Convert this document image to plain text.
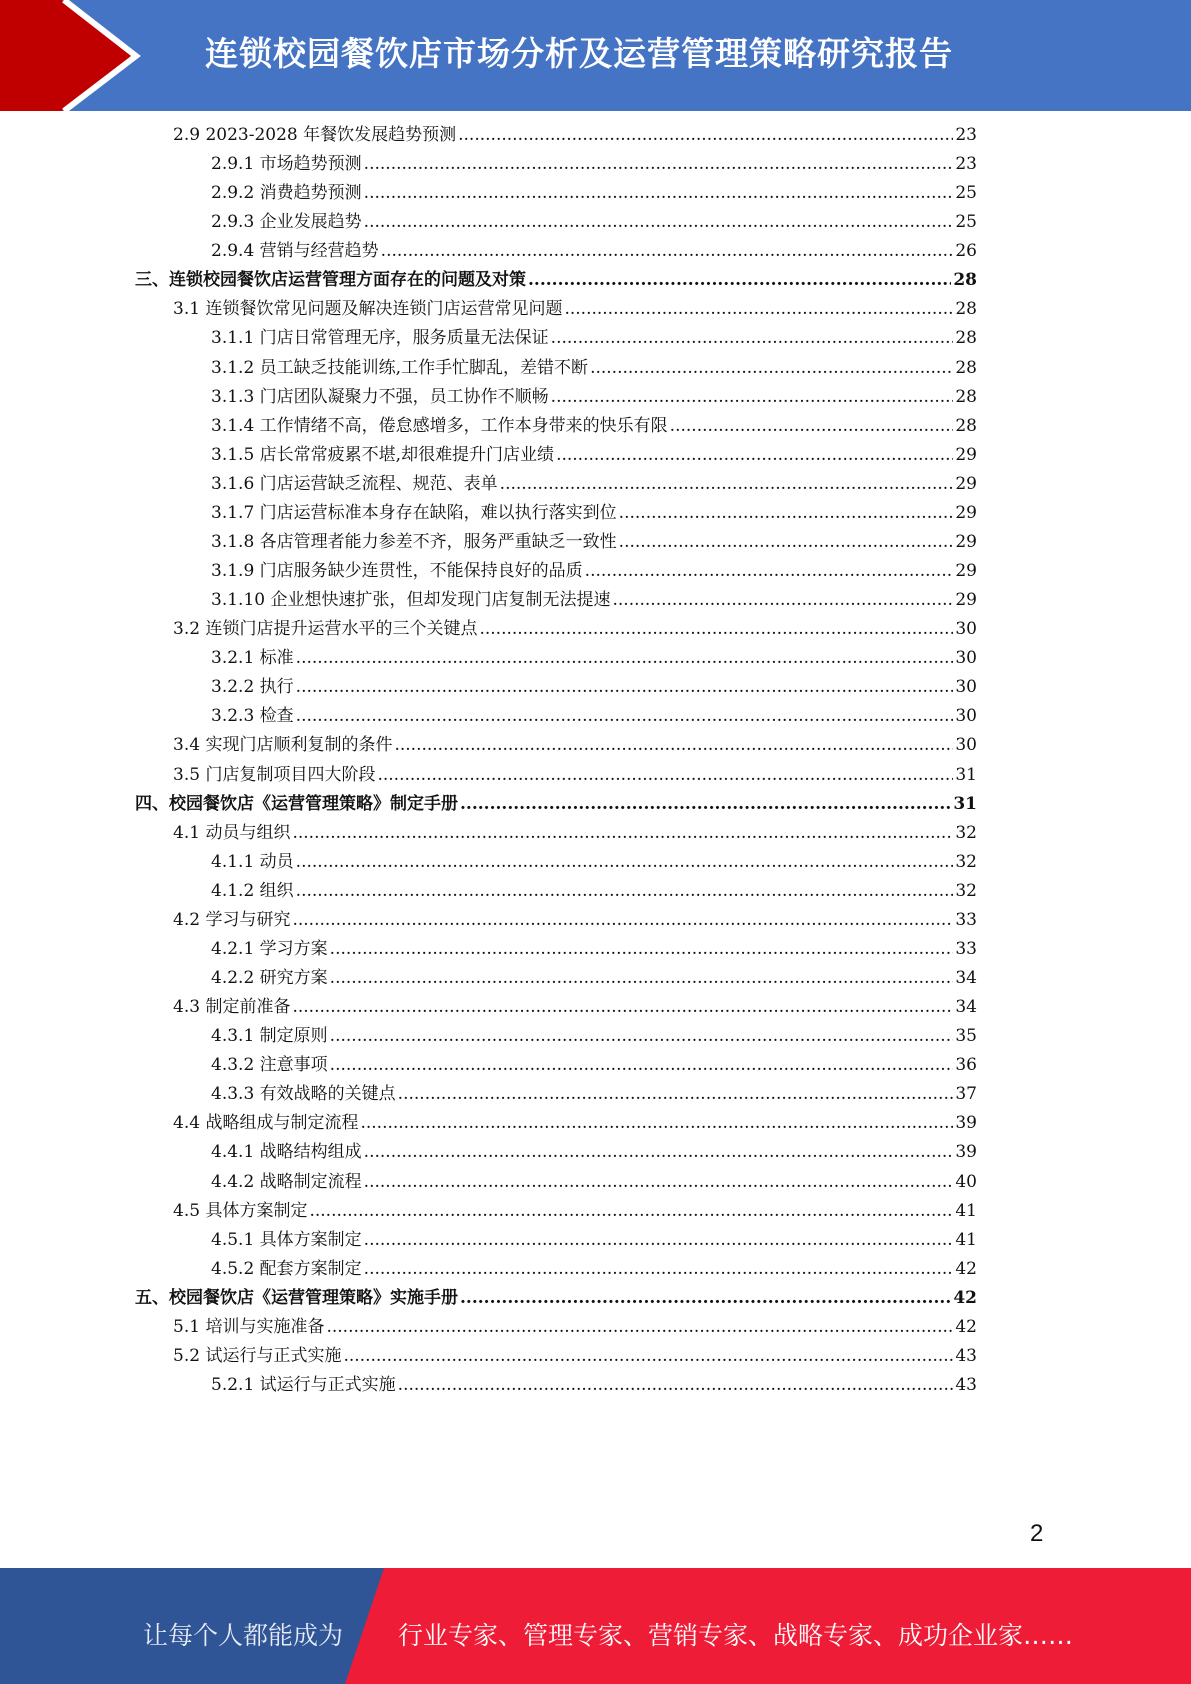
连锁校园餐饮店市场分析及运营管理策略研究报告
2.9 2023-2028 年餐饮发展趋势预测 .....	23
2.9.1 市场趋势预测 .....	23
2.9.2 消费趋势预测 .....	25
2.9.3 企业发展趋势 .....	25
2.9.4 营销与经营趋势 .....	26
三、连锁校园餐饮店运营管理方面存在的问题及对策 .....	28
3.1 连锁餐饮常见问题及解决连锁门店运营常见问题 .....	28
3.1.1 门店日常管理无序，服务质量无法保证 .....	28
3.1.2 员工缺乏技能训练,工作手忙脚乱，差错不断 .....	28
3.1.3 门店团队凝聚力不强，员工协作不顺畅 .....	28
3.1.4 工作情绪不高，倦怠感增多，工作本身带来的快乐有限 .....	28
3.1.5 店长常常疲累不堪,却很难提升门店业绩 .....	29
3.1.6 门店运营缺乏流程、规范、表单 .....	29
3.1.7 门店运营标准本身存在缺陷，难以执行落实到位 .....	29
3.1.8 各店管理者能力参差不齐，服务严重缺乏一致性 .....	29
3.1.9 门店服务缺少连贯性，不能保持良好的品质 .....	29
3.1.10 企业想快速扩张，但却发现门店复制无法提速 .....	29
3.2 连锁门店提升运营水平的三个关键点 .....	30
3.2.1 标准 .....	30
3.2.2 执行 .....	30
3.2.3 检查 .....	30
3.4 实现门店顺利复制的条件 .....	30
3.5 门店复制项目四大阶段 .....	31
四、校园餐饮店《运营管理策略》制定手册 .....	31
4.1 动员与组织 .....	32
4.1.1 动员 .....	32
4.1.2 组织 .....	32
4.2 学习与研究 .....	33
4.2.1 学习方案 .....	33
4.2.2 研究方案 .....	34
4.3 制定前准备 .....	34
4.3.1 制定原则 .....	35
4.3.2 注意事项 .....	36
4.3.3 有效战略的关键点 .....	37
4.4 战略组成与制定流程 .....	39
4.4.1 战略结构组成 .....	39
4.4.2 战略制定流程 .....	40
4.5 具体方案制定 .....	41
4.5.1 具体方案制定 .....	41
4.5.2 配套方案制定 .....	42
五、校园餐饮店《运营管理策略》实施手册 .....	42
5.1 培训与实施准备 .....	42
5.2 试运行与正式实施 .....	43
5.2.1 试运行与正式实施 .....	43
2
让每个人都能成为 行业专家、管理专家、营销专家、战略专家、成功企业家……
